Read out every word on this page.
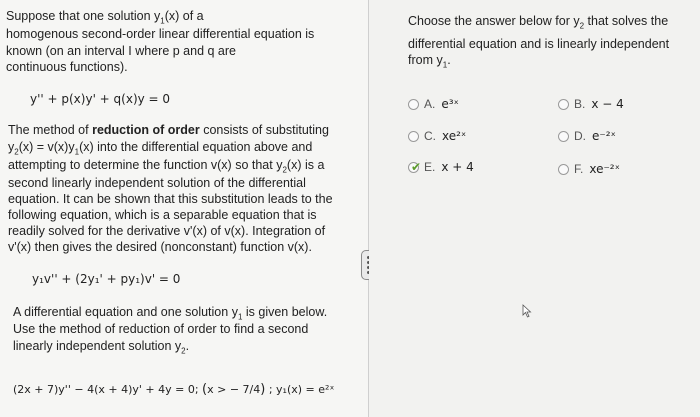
Suppose that one solution $y_1(x)$ of a
homogenous second-order linear differential equation is
known (on an interval I where p and q are
continuous functions).
y'' + p(x)y' + q(x)y = 0
The method of reduction of order consists of substituting
$y_2(x) = v(x)y_1(x)$ into the differential equation above and
attempting to determine the function v(x) so that $y_2(x)$ is a
second linearly independent solution of the differential
equation. It can be shown that this substitution leads to the
following equation, which is a separable equation that is
readily solved for the derivative v'(x) of v(x). Integration of
v'(x) then gives the desired (nonconstant) function v(x).
y₁v'' + (2y₁' + py₁)v' = 0
A differential equation and one solution $y_1$ is given below.
Use the method of reduction of order to find a second
linearly independent solution $y_2$.
(2x + 7)y'' − 4(x + 4)y' + 4y = 0; (x > − 7/4) ; y₁(x) = e²ˣ
Choose the answer below for $y_2$ that solves the
differential equation and is linearly independent
from $y_1$.
A. e³ˣ	B. x − 4
C. xe²ˣ	D. e⁻²ˣ
✔ E. x + 4	F. xe⁻²ˣ
